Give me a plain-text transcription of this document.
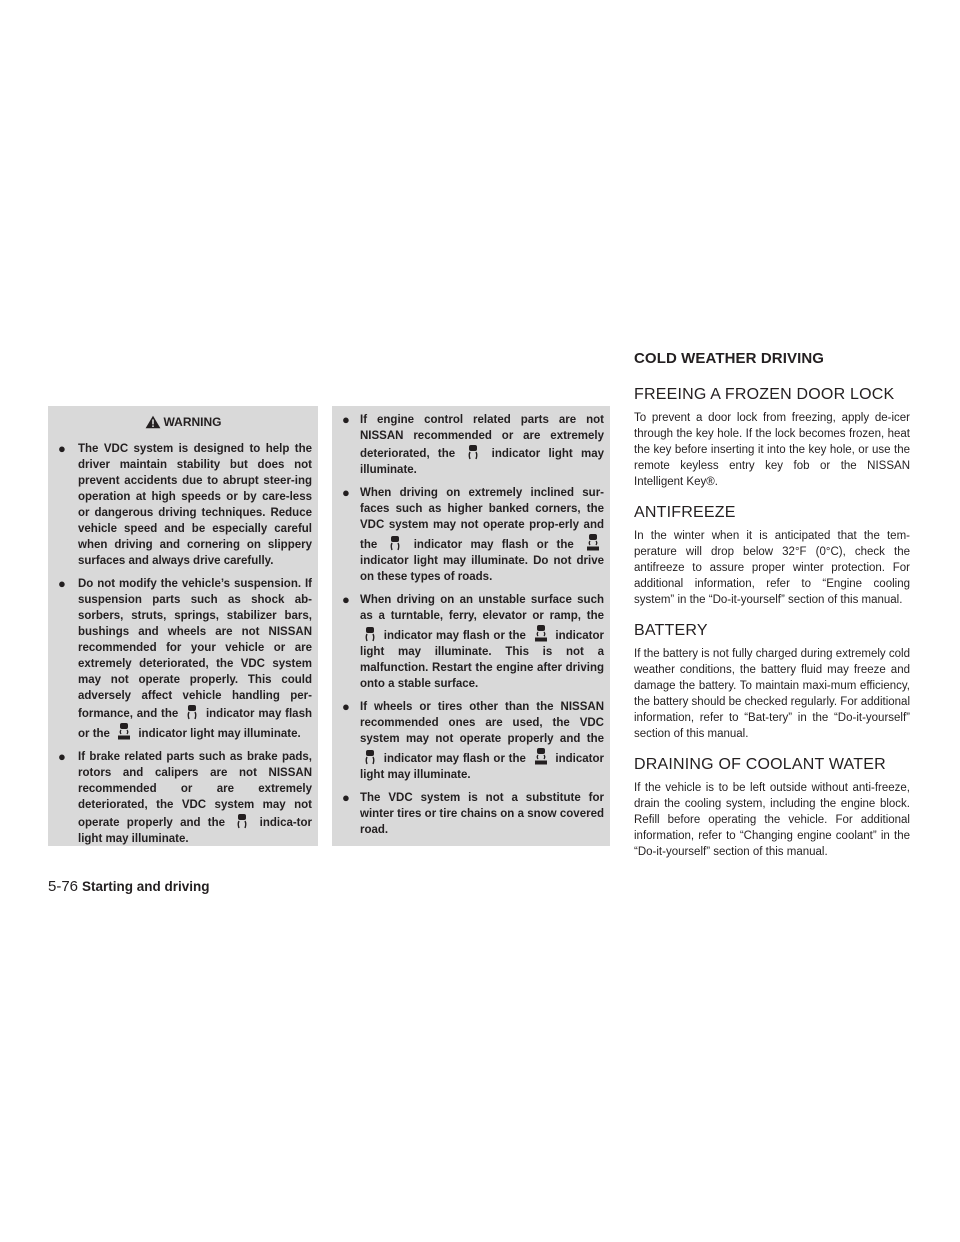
COLD WEATHER DRIVING
WARNING
● The VDC system is designed to help the driver maintain stability but does not prevent accidents due to abrupt steer-ing operation at high speeds or by care-less or dangerous driving techniques. Reduce vehicle speed and be especially careful when driving and cornering on slippery surfaces and always drive carefully.
● Do not modify the vehicle’s suspension. If suspension parts such as shock ab-sorbers, struts, springs, stabilizer bars, bushings and wheels are not NISSAN recommended for your vehicle or are extremely deteriorated, the VDC system may not operate properly. This could adversely affect vehicle handling per-formance, and the indicator may flash or the indicator light may illuminate.
● If brake related parts such as brake pads, rotors and calipers are not NISSAN recommended or are extremely deteriorated, the VDC system may not operate properly and the	indica-tor light may illuminate.
● If engine control related parts are not NISSAN recommended or are extremely deteriorated, the	indicator light may illuminate.
● When driving on extremely inclined sur-faces such as higher banked corners, the VDC system may not operate prop-erly and the	indicator may flash or the  indicator light may illuminate. Do not drive on these types of roads.
● When driving on an unstable surface such as a turntable, ferry, elevator or ramp, the  indicator may flash or the	indicator light may illuminate. This is not a malfunction. Restart the engine after driving onto a stable surface.
● If wheels or tires other than the NISSAN recommended ones are used, the VDC system may not operate properly and the  indicator may flash or the	indicator light may illuminate.
● The VDC system is not a substitute for winter tires or tire chains on a snow covered road.
FREEING A FROZEN DOOR LOCK

To prevent a door lock from freezing, apply de-icer through the key hole. If the lock becomes frozen, heat the key before inserting it into the key hole, or use the remote keyless entry key fob or the NISSAN Intelligent Key®.

ANTIFREEZE

In the winter when it is anticipated that the tem-perature will drop below 32°F (0°C), check the antifreeze to assure proper winter protection. For additional information, refer to “Engine cooling system” in the “Do-it-yourself” section of this manual.

BATTERY

If the battery is not fully charged during extremely cold weather conditions, the battery fluid may freeze and damage the battery. To maintain maxi-mum efficiency, the battery should be checked regularly. For additional information, refer to “Bat-tery” in the “Do-it-yourself” section of this manual.

DRAINING OF COOLANT WATER

If the vehicle is to be left outside without anti-freeze, drain the cooling system, including the engine block. Refill before operating the vehicle. For additional information, refer to “Changing engine coolant” in the “Do-it-yourself” section of this manual.

5-76 Starting and driving
